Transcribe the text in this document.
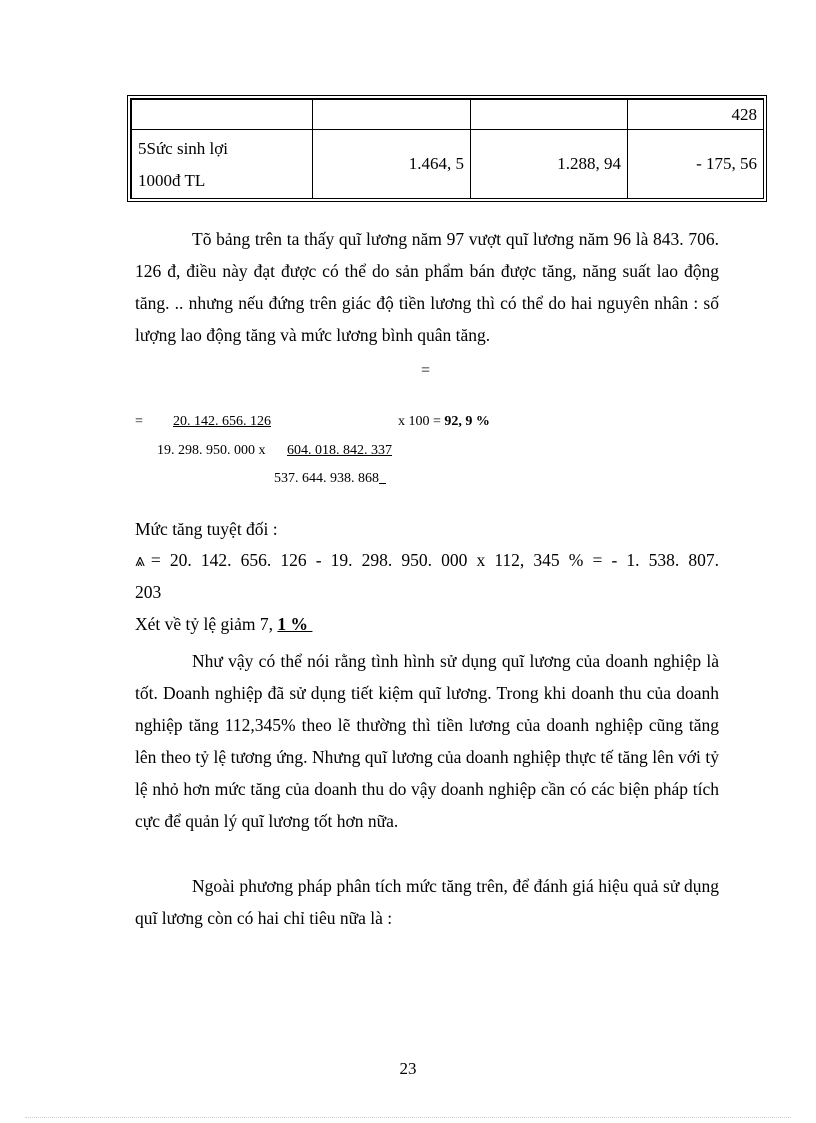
			428

5Sức sinh lợi
1000đ TL	1.464, 5	1.288, 94	- 175, 56
Tõ bảng trên ta thấy quĩ lương năm 97 vượt quĩ lương năm 96 là 843. 706. 126 đ, điều này đạt được có thể do sản phẩm bán được tăng, năng suất lao động tăng. .. nhưng nếu đứng trên giác độ tiền lương thì có thể do hai nguyên nhân : số lượng lao động tăng và mức lương bình quân tăng.
=
=	20. 142. 656. 126	x 100 = 92, 9 %
19. 298. 950. 000 x 604. 018. 842. 337
537. 644. 938. 868
Mức tăng tuyệt đối :
⩓ = 20. 142. 656. 126 - 19. 298. 950. 000 x 112, 345 % = - 1. 538. 807.
203
Xét về tỷ lệ giảm 7, 1 %
Như vậy có thể nói rằng tình hình sử dụng quĩ lương của doanh nghiệp là tốt. Doanh nghiệp đã sử dụng tiết kiệm quĩ lương. Trong khi doanh thu của doanh nghiệp tăng 112,345% theo lẽ thường thì tiền lương của doanh nghiệp cũng tăng lên theo tỷ lệ tương ứng. Nhưng quĩ lương của doanh nghiệp thực tế tăng lên với tỷ lệ nhỏ hơn mức tăng của doanh thu do vậy doanh nghiệp cần có các biện pháp tích cực để quản lý quĩ lương tốt hơn nữa.
Ngoài phương pháp phân tích mức tăng trên, để đánh giá hiệu quả sử dụng quĩ lương còn có hai chỉ tiêu nữa là :
23
